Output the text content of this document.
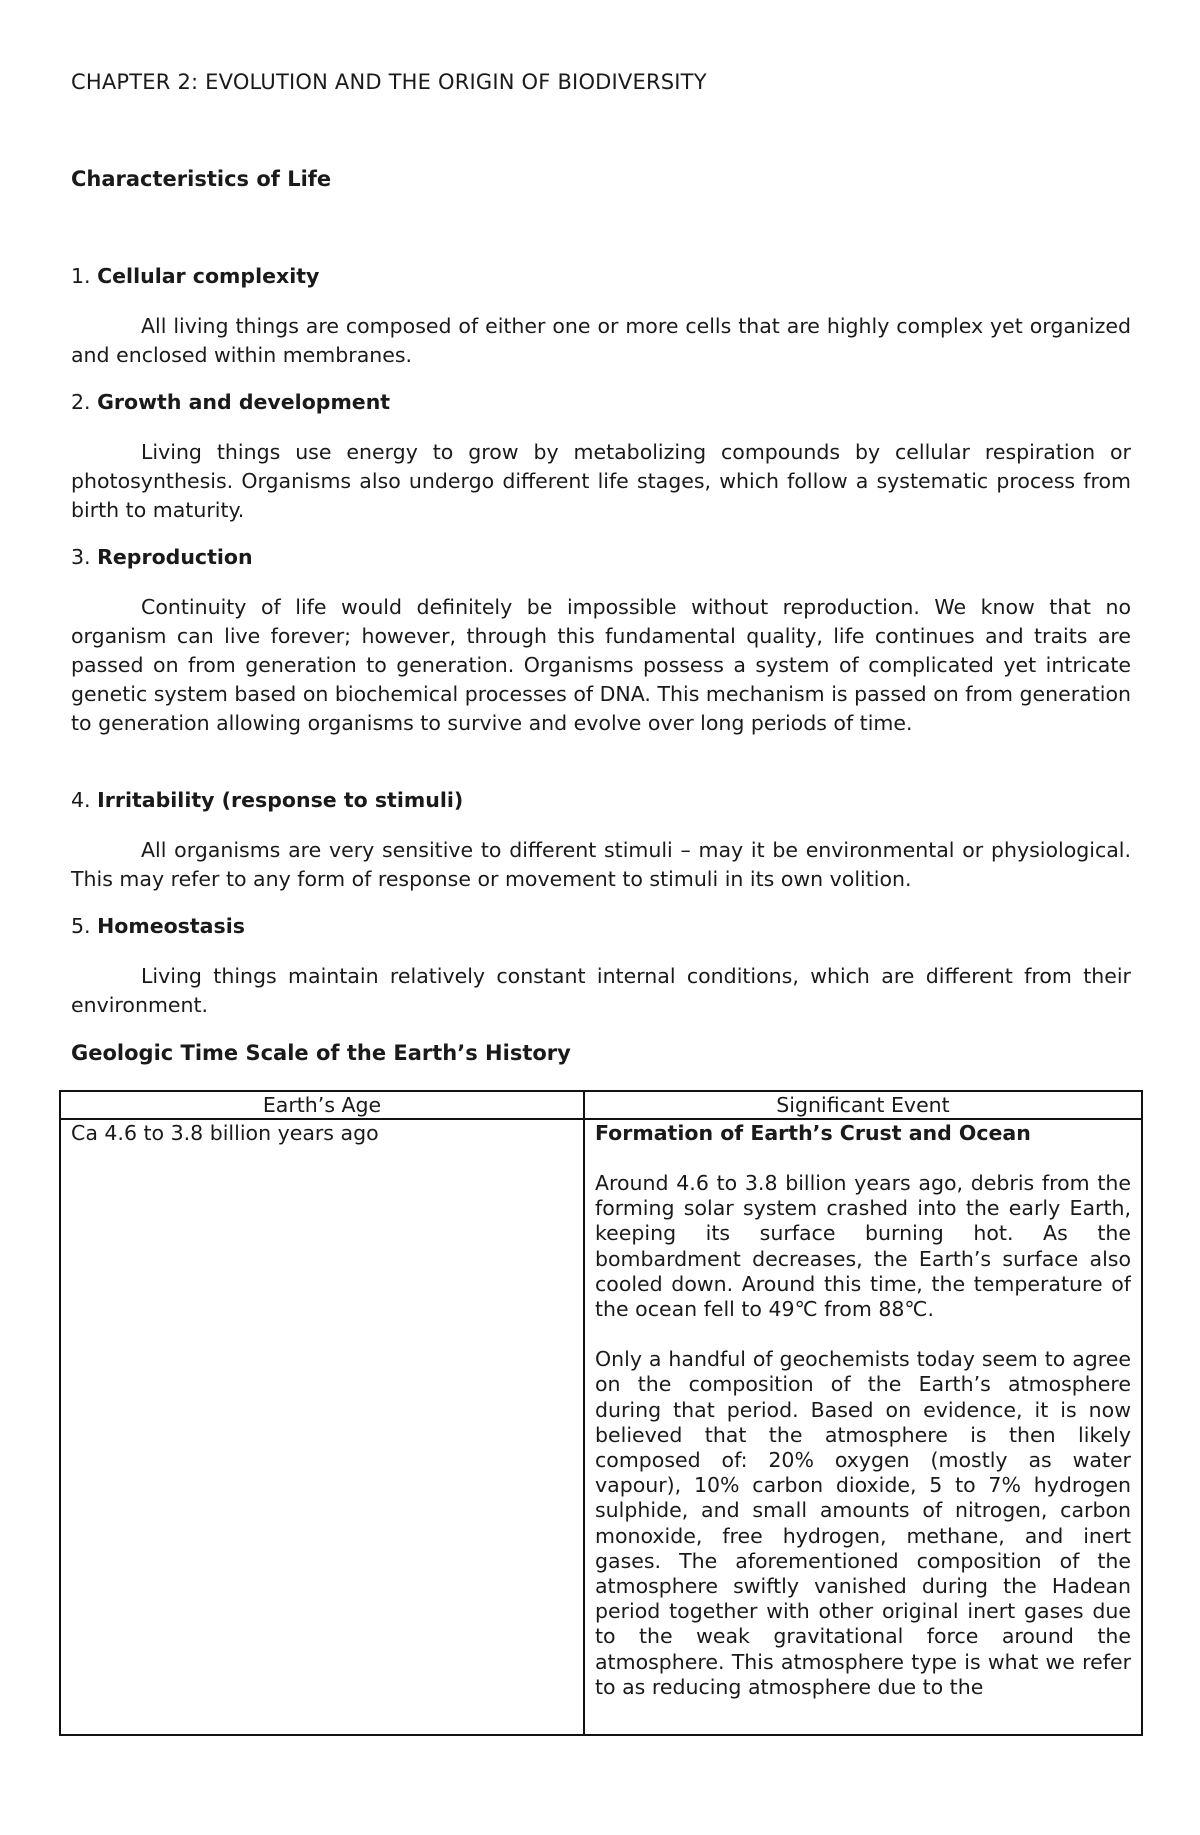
CHAPTER 2: EVOLUTION AND THE ORIGIN OF BIODIVERSITY
Characteristics of Life
1. Cellular complexity

All living things are composed of either one or more cells that are highly complex yet organized and enclosed within membranes.

2. Growth and development

Living things use energy to grow by metabolizing compounds by cellular respiration or photosynthesis. Organisms also undergo different life stages, which follow a systematic process from birth to maturity.

3. Reproduction

Continuity of life would definitely be impossible without reproduction. We know that no organism can live forever; however, through this fundamental quality, life continues and traits are passed on from generation to generation. Organisms possess a system of complicated yet intricate genetic system based on biochemical processes of DNA. This mechanism is passed on from generation to generation allowing organisms to survive and evolve over long periods of time.

4. Irritability (response to stimuli)

All organisms are very sensitive to different stimuli – may it be environmental or physiological. This may refer to any form of response or movement to stimuli in its own volition.

5. Homeostasis

Living things maintain relatively constant internal conditions, which are different from their environment.

Geologic Time Scale of the Earth’s History
Earth’s Age	Significant Event
Ca 4.6 to 3.8 billion years ago	Formation of Earth’s Crust and Ocean

Around 4.6 to 3.8 billion years ago, debris from the forming solar system crashed into the early Earth, keeping its surface burning hot. As the bombardment decreases, the Earth’s surface also cooled down. Around this time, the temperature of the ocean fell to 49℃ from 88℃.

Only a handful of geochemists today seem to agree on the composition of the Earth’s atmosphere during that period. Based on evidence, it is now believed that the atmosphere is then likely composed of: 20% oxygen (mostly as water vapour), 10% carbon dioxide, 5 to 7% hydrogen sulphide, and small amounts of nitrogen, carbon monoxide, free hydrogen, methane, and inert gases. The aforementioned composition of the atmosphere swiftly vanished during the Hadean period together with other original inert gases due to the weak gravitational force around the atmosphere. This atmosphere type is what we refer to as reducing atmosphere due to the
